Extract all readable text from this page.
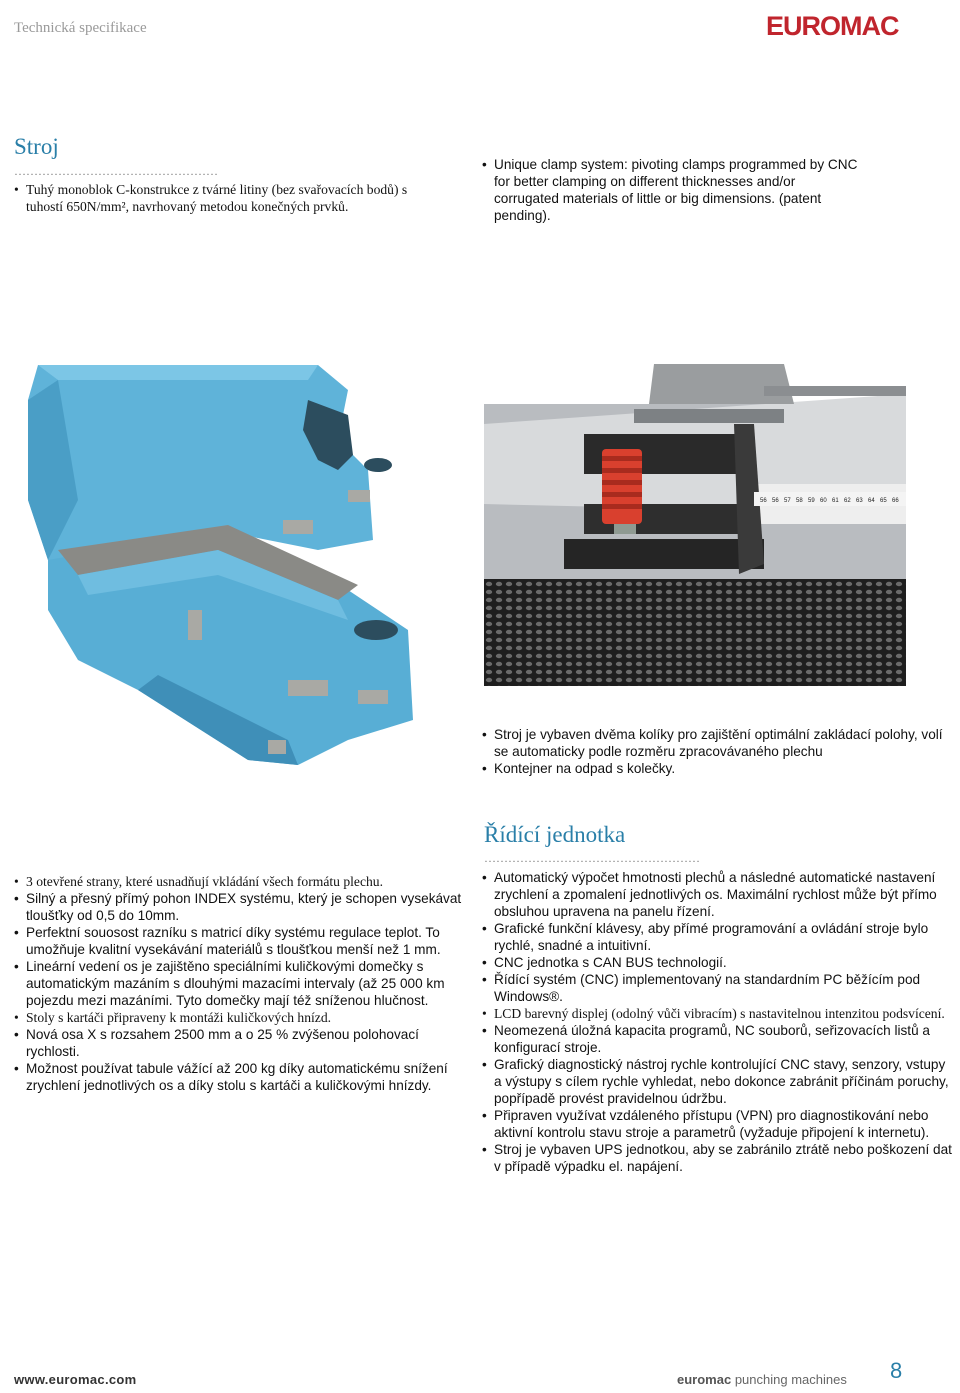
Technická specifikace	EUROMAC
Stroj
……………………………………………
• Tuhý monoblok C-konstrukce z tvárné litiny (bez svařovacích bodů) s tuhostí 650N/mm², navrhovaný metodou konečných prvků.
• Unique clamp system: pivoting clamps programmed by CNC for better clamping on different thicknesses and/or corrugated materials of little or big dimensions. (patent pending).
56 56 57 58 59 60 61 62 63 64 65 66
• Stroj je vybaven dvěma kolíky pro zajištění optimální zakládací polohy, volí se automaticky podle rozměru zpracovávaného plechu
• Kontejner na odpad s kolečky.
• 3 otevřené strany, které usnadňují vkládání všech formátu plechu.
• Silný a přesný přímý pohon INDEX systému, který je schopen vysekávat tloušťky od 0,5 do 10mm.
• Perfektní souosost razníku s matricí díky systému regulace teplot. To umožňuje kvalitní vysekávání materiálů s tloušťkou menší než 1 mm.
• Lineární vedení os je zajištěno speciálními kuličkovými domečky s automatickým mazáním s dlouhými mazacími intervaly (až 25 000 km pojezdu mezi mazáními. Tyto domečky mají též sníženou hlučnost.
• Stoly s kartáči připraveny k montáži kuličkových hnízd.
• Nová osa X s rozsahem 2500 mm a o 25 % zvýšenou polohovací rychlosti.
• Možnost používat tabule vážící až 200 kg díky automatickému snížení zrychlení jednotlivých os a díky stolu s kartáči a kuličkovými hnízdy.
Řídící jednotka
………………………………………………
• Automatický výpočet hmotnosti plechů a následné automatické nastavení zrychlení a zpomalení jednotlivých os. Maximální rychlost může být přímo obsluhou upravena na panelu řízení.
• Grafické funkční klávesy, aby přímé programování a ovládání stroje bylo rychlé, snadné a intuitivní.
• CNC jednotka s CAN BUS technologií.
• Řídící systém (CNC) implementovaný na standardním PC běžícím pod Windows®.
• LCD barevný displej (odolný vůči vibracím) s nastavitelnou intenzitou podsvícení.
• Neomezená úložná kapacita programů, NC souborů, seřizovacích listů a konfigurací stroje.
• Grafický diagnostický nástroj rychle kontrolující CNC stavy, senzory, vstupy a výstupy s cílem rychle vyhledat, nebo dokonce zabránit příčinám poruchy, popřípadě provést pravidelnou údržbu.
• Připraven využívat vzdáleného přístupu (VPN) pro diagnostikování nebo aktivní kontrolu stavu stroje a parametrů (vyžaduje připojení k internetu).
• Stroj je vybaven UPS jednotkou, aby se zabránilo ztrátě nebo poškození dat v případě výpadku el. napájení.
www.euromac.com	euromac punching machines 8
